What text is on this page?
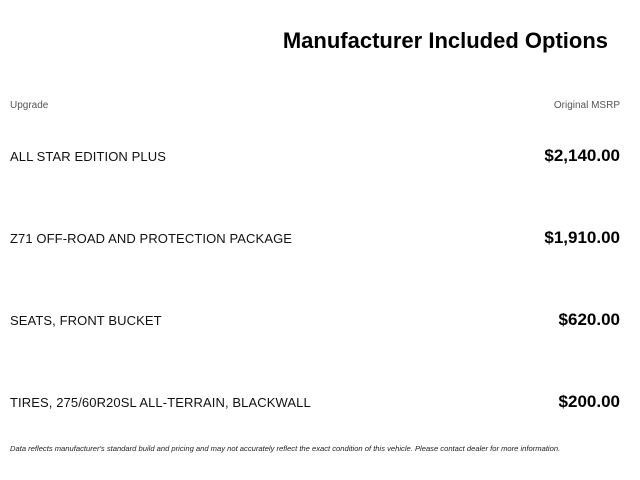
Manufacturer Included Options
Upgrade	Original MSRP
ALL STAR EDITION PLUS	$2,140.00
Z71 OFF-ROAD AND PROTECTION PACKAGE	$1,910.00
SEATS, FRONT BUCKET	$620.00
TIRES, 275/60R20SL ALL-TERRAIN, BLACKWALL	$200.00
Data reflects manufacturer's standard build and pricing and may not accurately reflect the exact condition of this vehicle. Please contact dealer for more information.
